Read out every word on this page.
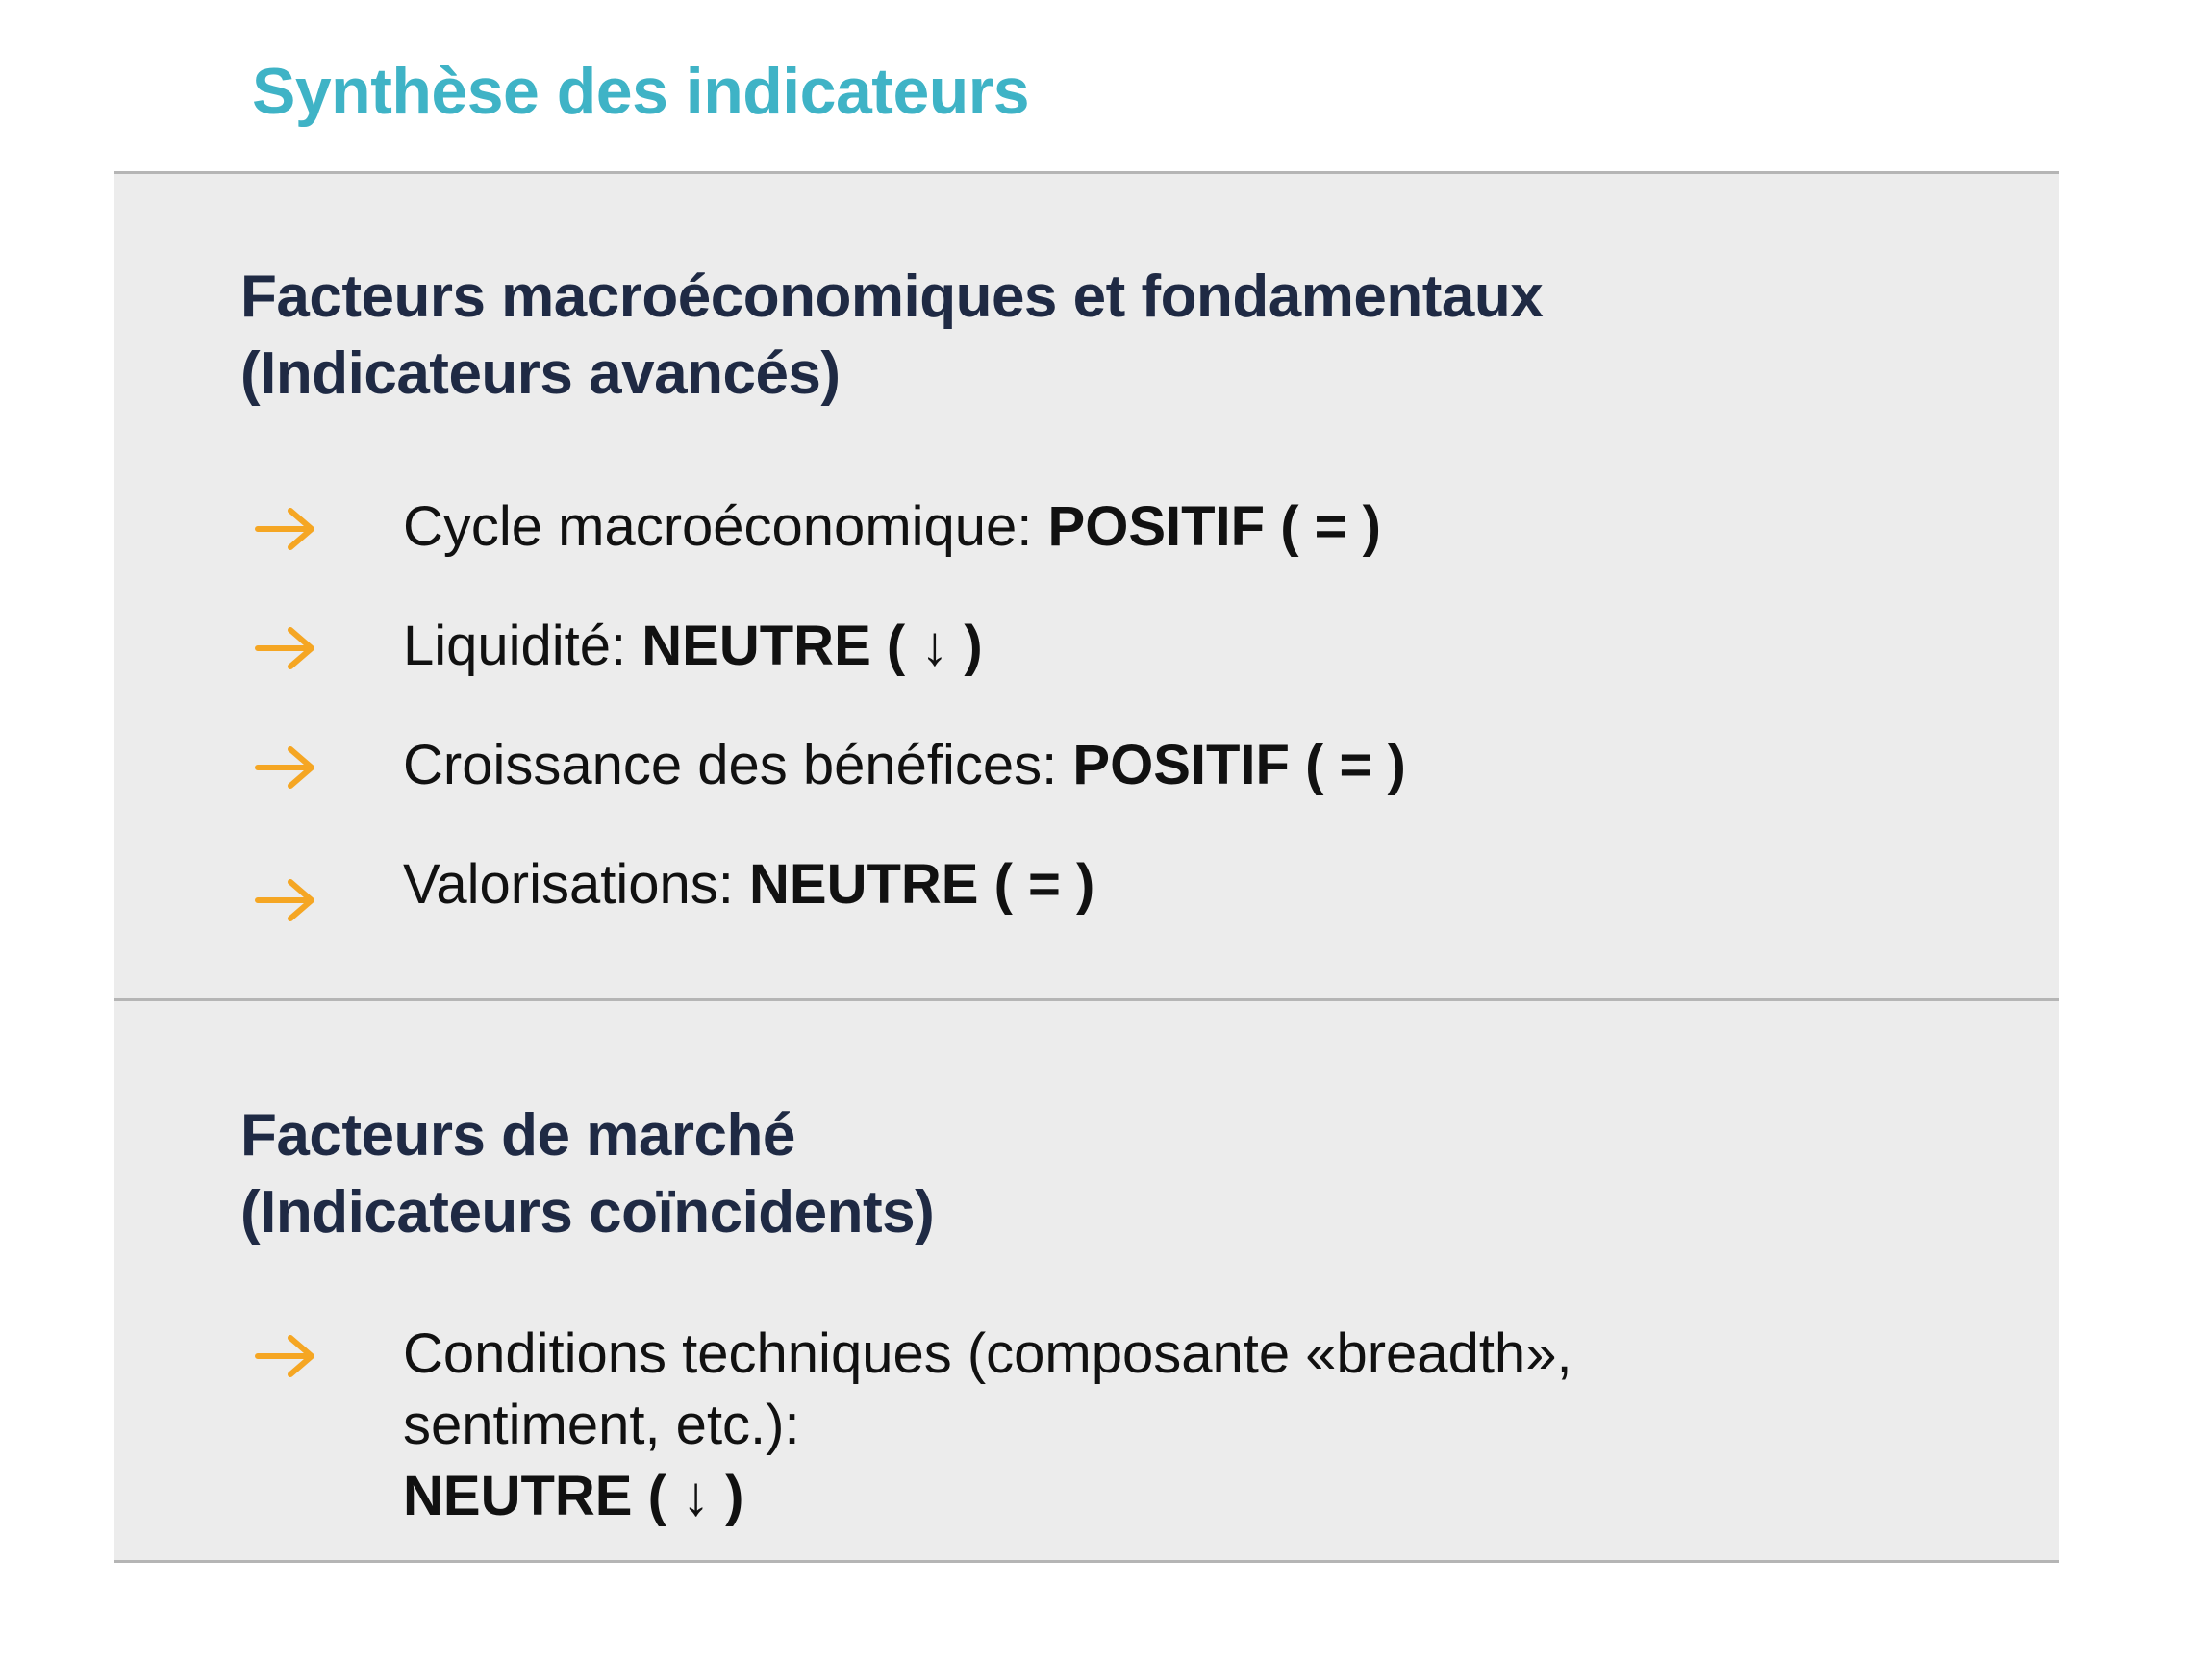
Synthèse des indicateurs
Facteurs macroéconomiques et fondamentaux
(Indicateurs avancés)
Cycle macroéconomique: POSITIF ( = )
Liquidité: NEUTRE ( ↓ )
Croissance des bénéfices: POSITIF ( = )
Valorisations: NEUTRE ( = )
Facteurs de marché
(Indicateurs coïncidents)
Conditions techniques (composante «breadth»,
sentiment, etc.):
NEUTRE ( ↓ )
